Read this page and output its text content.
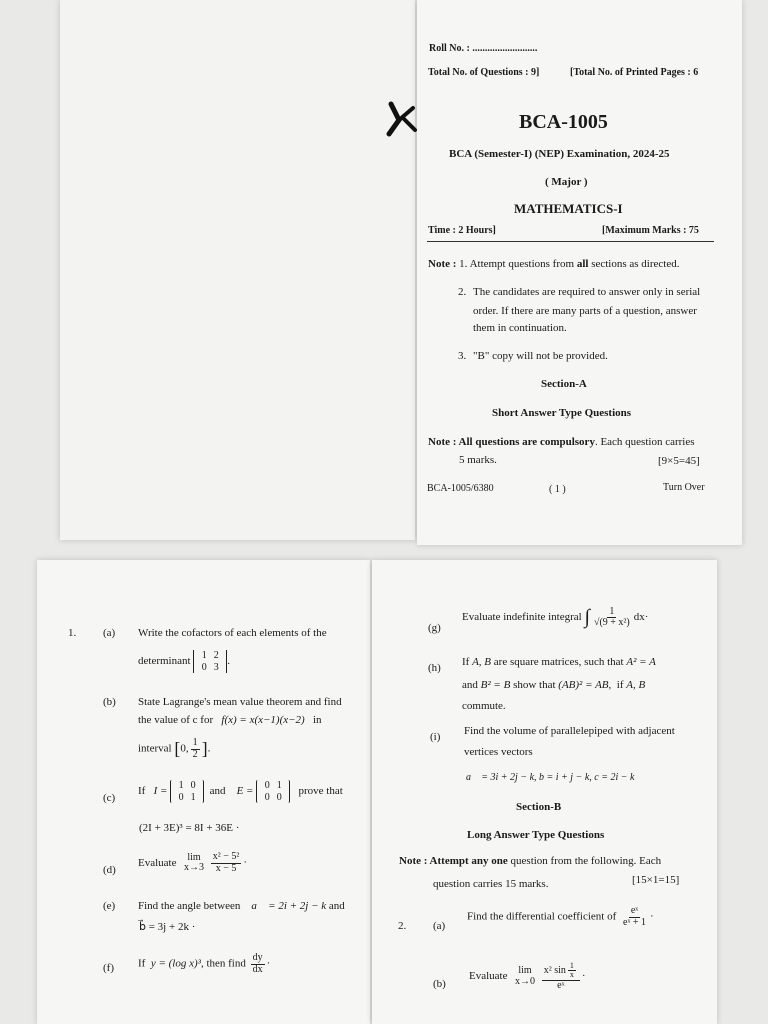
Roll No. : ..........................
Total No. of Questions : 9]	[Total No. of Printed Pages : 6
BCA-1005
BCA (Semester-I) (NEP) Examination, 2024-25
( Major )
MATHEMATICS-I
Time : 2 Hours]	[Maximum Marks : 75
Note : 1. Attempt questions from all sections as directed.
2. The candidates are required to answer only in serial
order. If there are many parts of a question, answer
them in continuation.
3. "B" copy will not be provided.
Section-A
Short Answer Type Questions
Note : All questions are compulsory. Each question carries
5 marks.	[9×5=45]
BCA-1005/6380	( 1 )	Turn Over
1. (a) Write the cofactors of each elements of the
determinant	1 2
0 3 .
(b) State Lagrange's mean value theorem and find
the value of c for f(x) = x(x−1)(x−2) in
interval [0, $\frac{1}{2}$ ].
(c)
If I =	1 0
0 1	and E =	0 1
0 0	prove that
(2I + 3E)³ = 8I + 36E ·
(d)
Evaluate lim
x→3
$\frac{\text{x² − 5²}}{x - 5}$ ·
(e) Find the angle between a⃗ = 2i + 2j − k and
b⃗ = 3j + 2k ·
(f) If y = (log x)³, then find $\frac{dy}{dx}$ ·
(g)
Evaluate indefinite integral ∫ $\frac{1}{\text{√(9 + x²)}} dx\cdot$
(h) If A, B are square matrices, such that A² = A
and B² = B show that (AB)² = AB, if A, B
commute.
(i) Find the volume of parallelepiped with adjacent
vertices vectors
a⃗ = 3i + 2j − k, b = i + j − k, c = 2i − k
Section-B
Long Answer Type Questions
Note : Attempt any one question from the following. Each
question carries 15 marks.	[15×1=15]
2. (a)
Find the differential coefficient of $\frac{\text{eˣ}}{\text{eˣ + 1}}$ ·
(b)
Evaluate lim
x→0
$\frac{x^2 \sin \frac{1}{x}}{\text{eˣ}}$ ·
